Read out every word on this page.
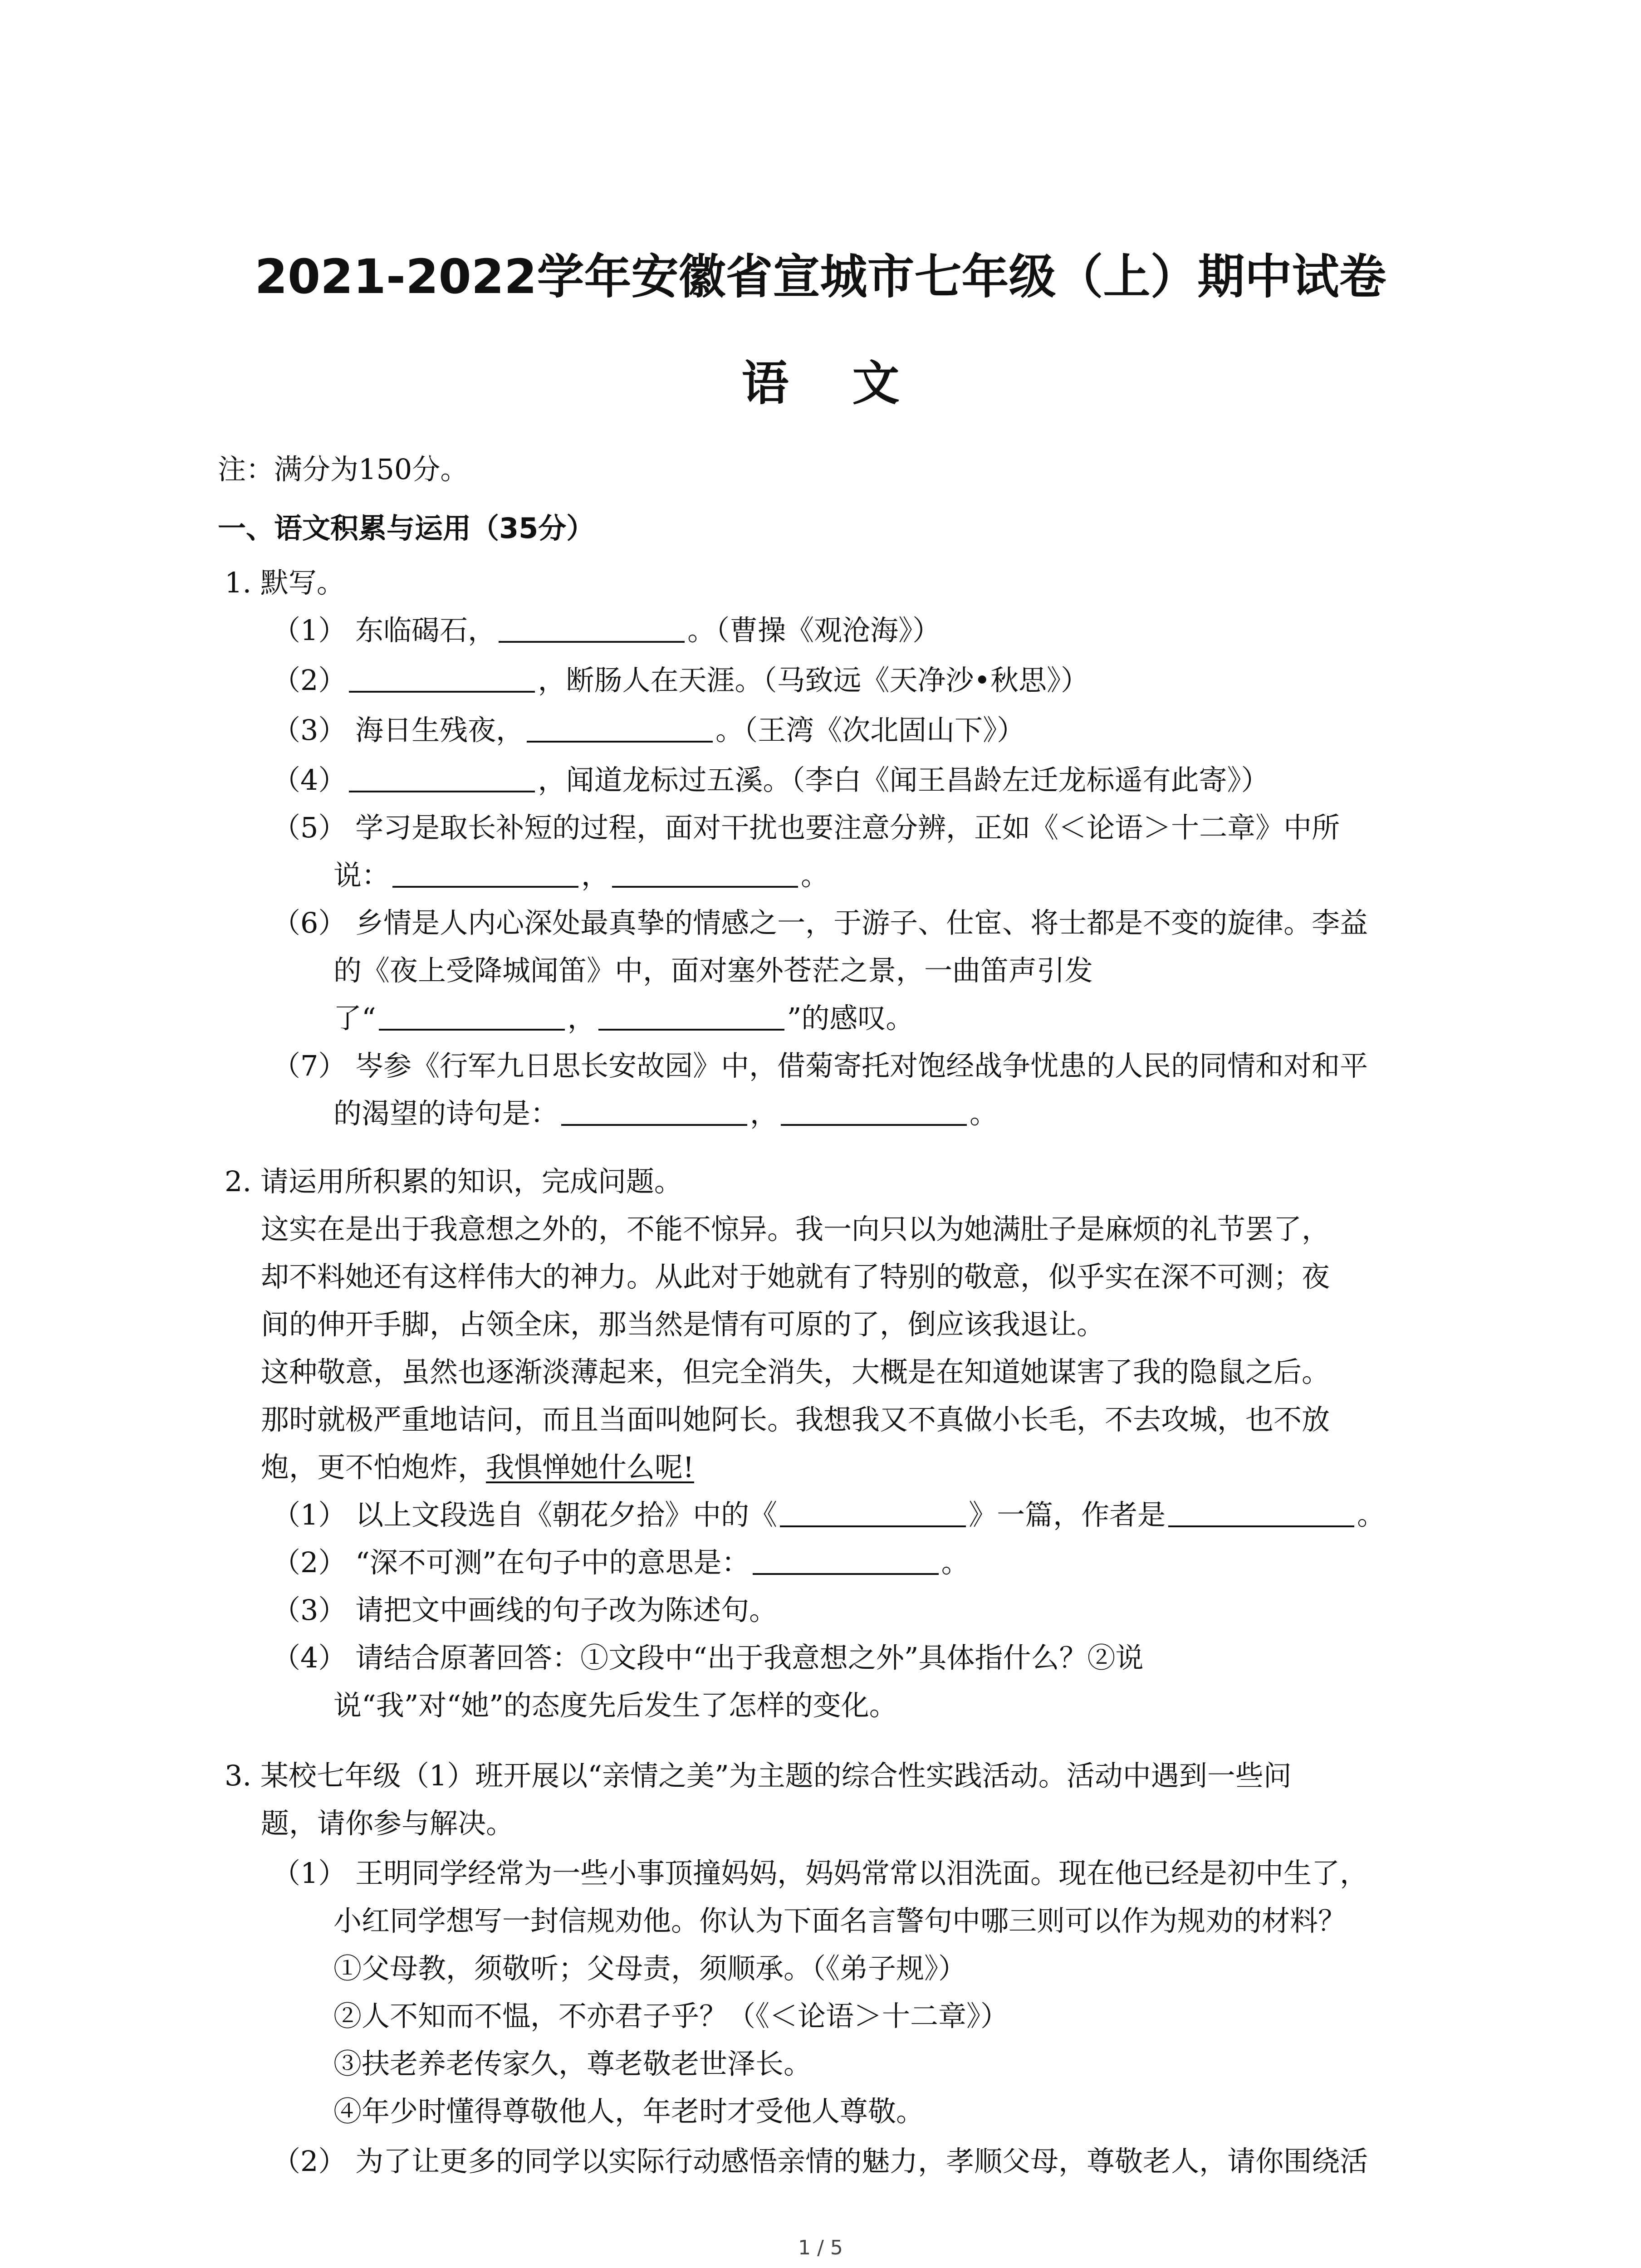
2021-2022学年安徽省宣城市七年级（上）期中试卷
语文
注：满分为150分。
一、语文积累与运用（35分）
1. 默写。
（1） 东临碣石，	。（曹操《观沧海》）
（2）	，断肠人在天涯。（马致远《天净沙•秋思》）
（3） 海日生残夜，	。（王湾《次北固山下》）
（4）	，闻道龙标过五溪。（李白《闻王昌龄左迁龙标遥有此寄》）
（5） 学习是取长补短的过程，面对干扰也要注意分辨，正如《＜论语＞十二章》中所
说：	，	。
（6） 乡情是人内心深处最真挚的情感之一，于游子、仕宦、将士都是不变的旋律。李益
的《夜上受降城闻笛》中，面对塞外苍茫之景，一曲笛声引发
了“	，	”的感叹。
（7） 岑参《行军九日思长安故园》中，借菊寄托对饱经战争忧患的人民的同情和对和平
的渴望的诗句是：	，	。
2. 请运用所积累的知识，完成问题。
这实在是出于我意想之外的，不能不惊异。我一向只以为她满肚子是麻烦的礼节罢了，
却不料她还有这样伟大的神力。从此对于她就有了特别的敬意，似乎实在深不可测；夜
间的伸开手脚，占领全床，那当然是情有可原的了，倒应该我退让。
这种敬意，虽然也逐渐淡薄起来，但完全消失，大概是在知道她谋害了我的隐鼠之后。
那时就极严重地诘问，而且当面叫她阿长。我想我又不真做小长毛，不去攻城，也不放
炮，更不怕炮炸，我惧惮她什么呢!
（1） 以上文段选自《朝花夕拾》中的《	》一篇，作者是	。
（2） “深不可测”在句子中的意思是：	。
（3） 请把文中画线的句子改为陈述句。
（4） 请结合原著回答：①文段中“出于我意想之外”具体指什么？②说
说“我”对“她”的态度先后发生了怎样的变化。
3. 某校七年级（1）班开展以“亲情之美”为主题的综合性实践活动。活动中遇到一些问
题，请你参与解决。
（1） 王明同学经常为一些小事顶撞妈妈，妈妈常常以泪洗面。现在他已经是初中生了，
小红同学想写一封信规劝他。你认为下面名言警句中哪三则可以作为规劝的材料？
①父母教，须敬听；父母责，须顺承。（《弟子规》）
②人不知而不愠，不亦君子乎？（《＜论语＞十二章》）
③扶老养老传家久，尊老敬老世泽长。
④年少时懂得尊敬他人，年老时才受他人尊敬。
（2） 为了让更多的同学以实际行动感悟亲情的魅力，孝顺父母，尊敬老人，请你围绕活
1 / 5
